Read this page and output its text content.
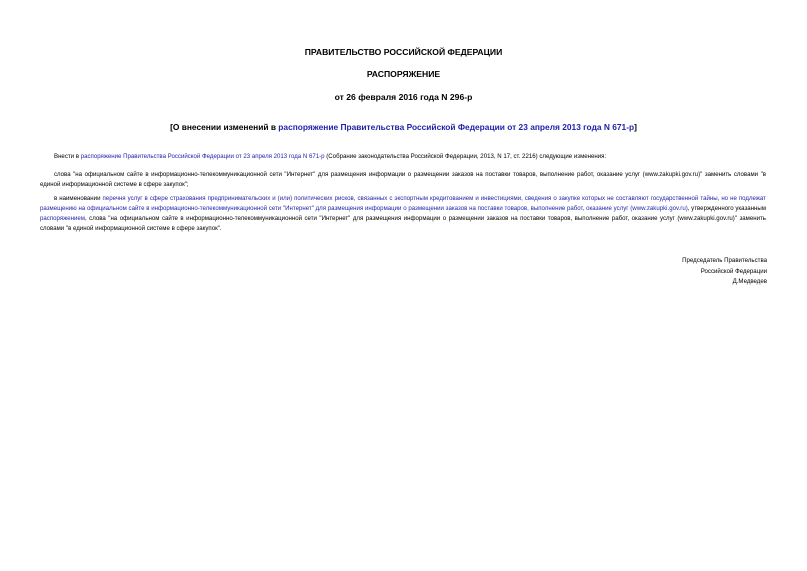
ПРАВИТЕЛЬСТВО РОССИЙСКОЙ ФЕДЕРАЦИИ
РАСПОРЯЖЕНИЕ
от 26 февраля 2016 года N 296-р
[О внесении изменений в распоряжение Правительства Российской Федерации от 23 апреля 2013 года N 671-р]
Внести в распоряжение Правительства Российской Федерации от 23 апреля 2013 года N 671-р (Собрание законодательства Российской Федерации, 2013, N 17, ст. 2216) следующие изменения:
слова "на официальном сайте в информационно-телекоммуникационной сети "Интернет" для размещения информации о размещении заказов на поставки товаров, выполнение работ, оказание услуг (www.zakupki.gov.ru)" заменить словами "в единой информационной системе в сфере закупок";
в наименовании перечня услуг в сфере страхования предпринимательских и (или) политических рисков, связанных с экспортным кредитованием и инвестициями, сведения о закупке которых не составляют государственной тайны, но не подлежат размещению на официальном сайте в информационно-телекоммуникационной сети "Интернет" для размещения информации о размещении заказов на поставки товаров, выполнение работ, оказание услуг (www.zakupki.gov.ru), утвержденного указанным распоряжением, слова "на официальном сайте в информационно-телекоммуникационной сети "Интернет" для размещения информации о размещении заказов на поставки товаров, выполнение работ, оказание услуг (www.zakupki.gov.ru)" заменить словами "в единой информационной системе в сфере закупок".
Председатель Правительства
Российской Федерации
Д.Медведев
